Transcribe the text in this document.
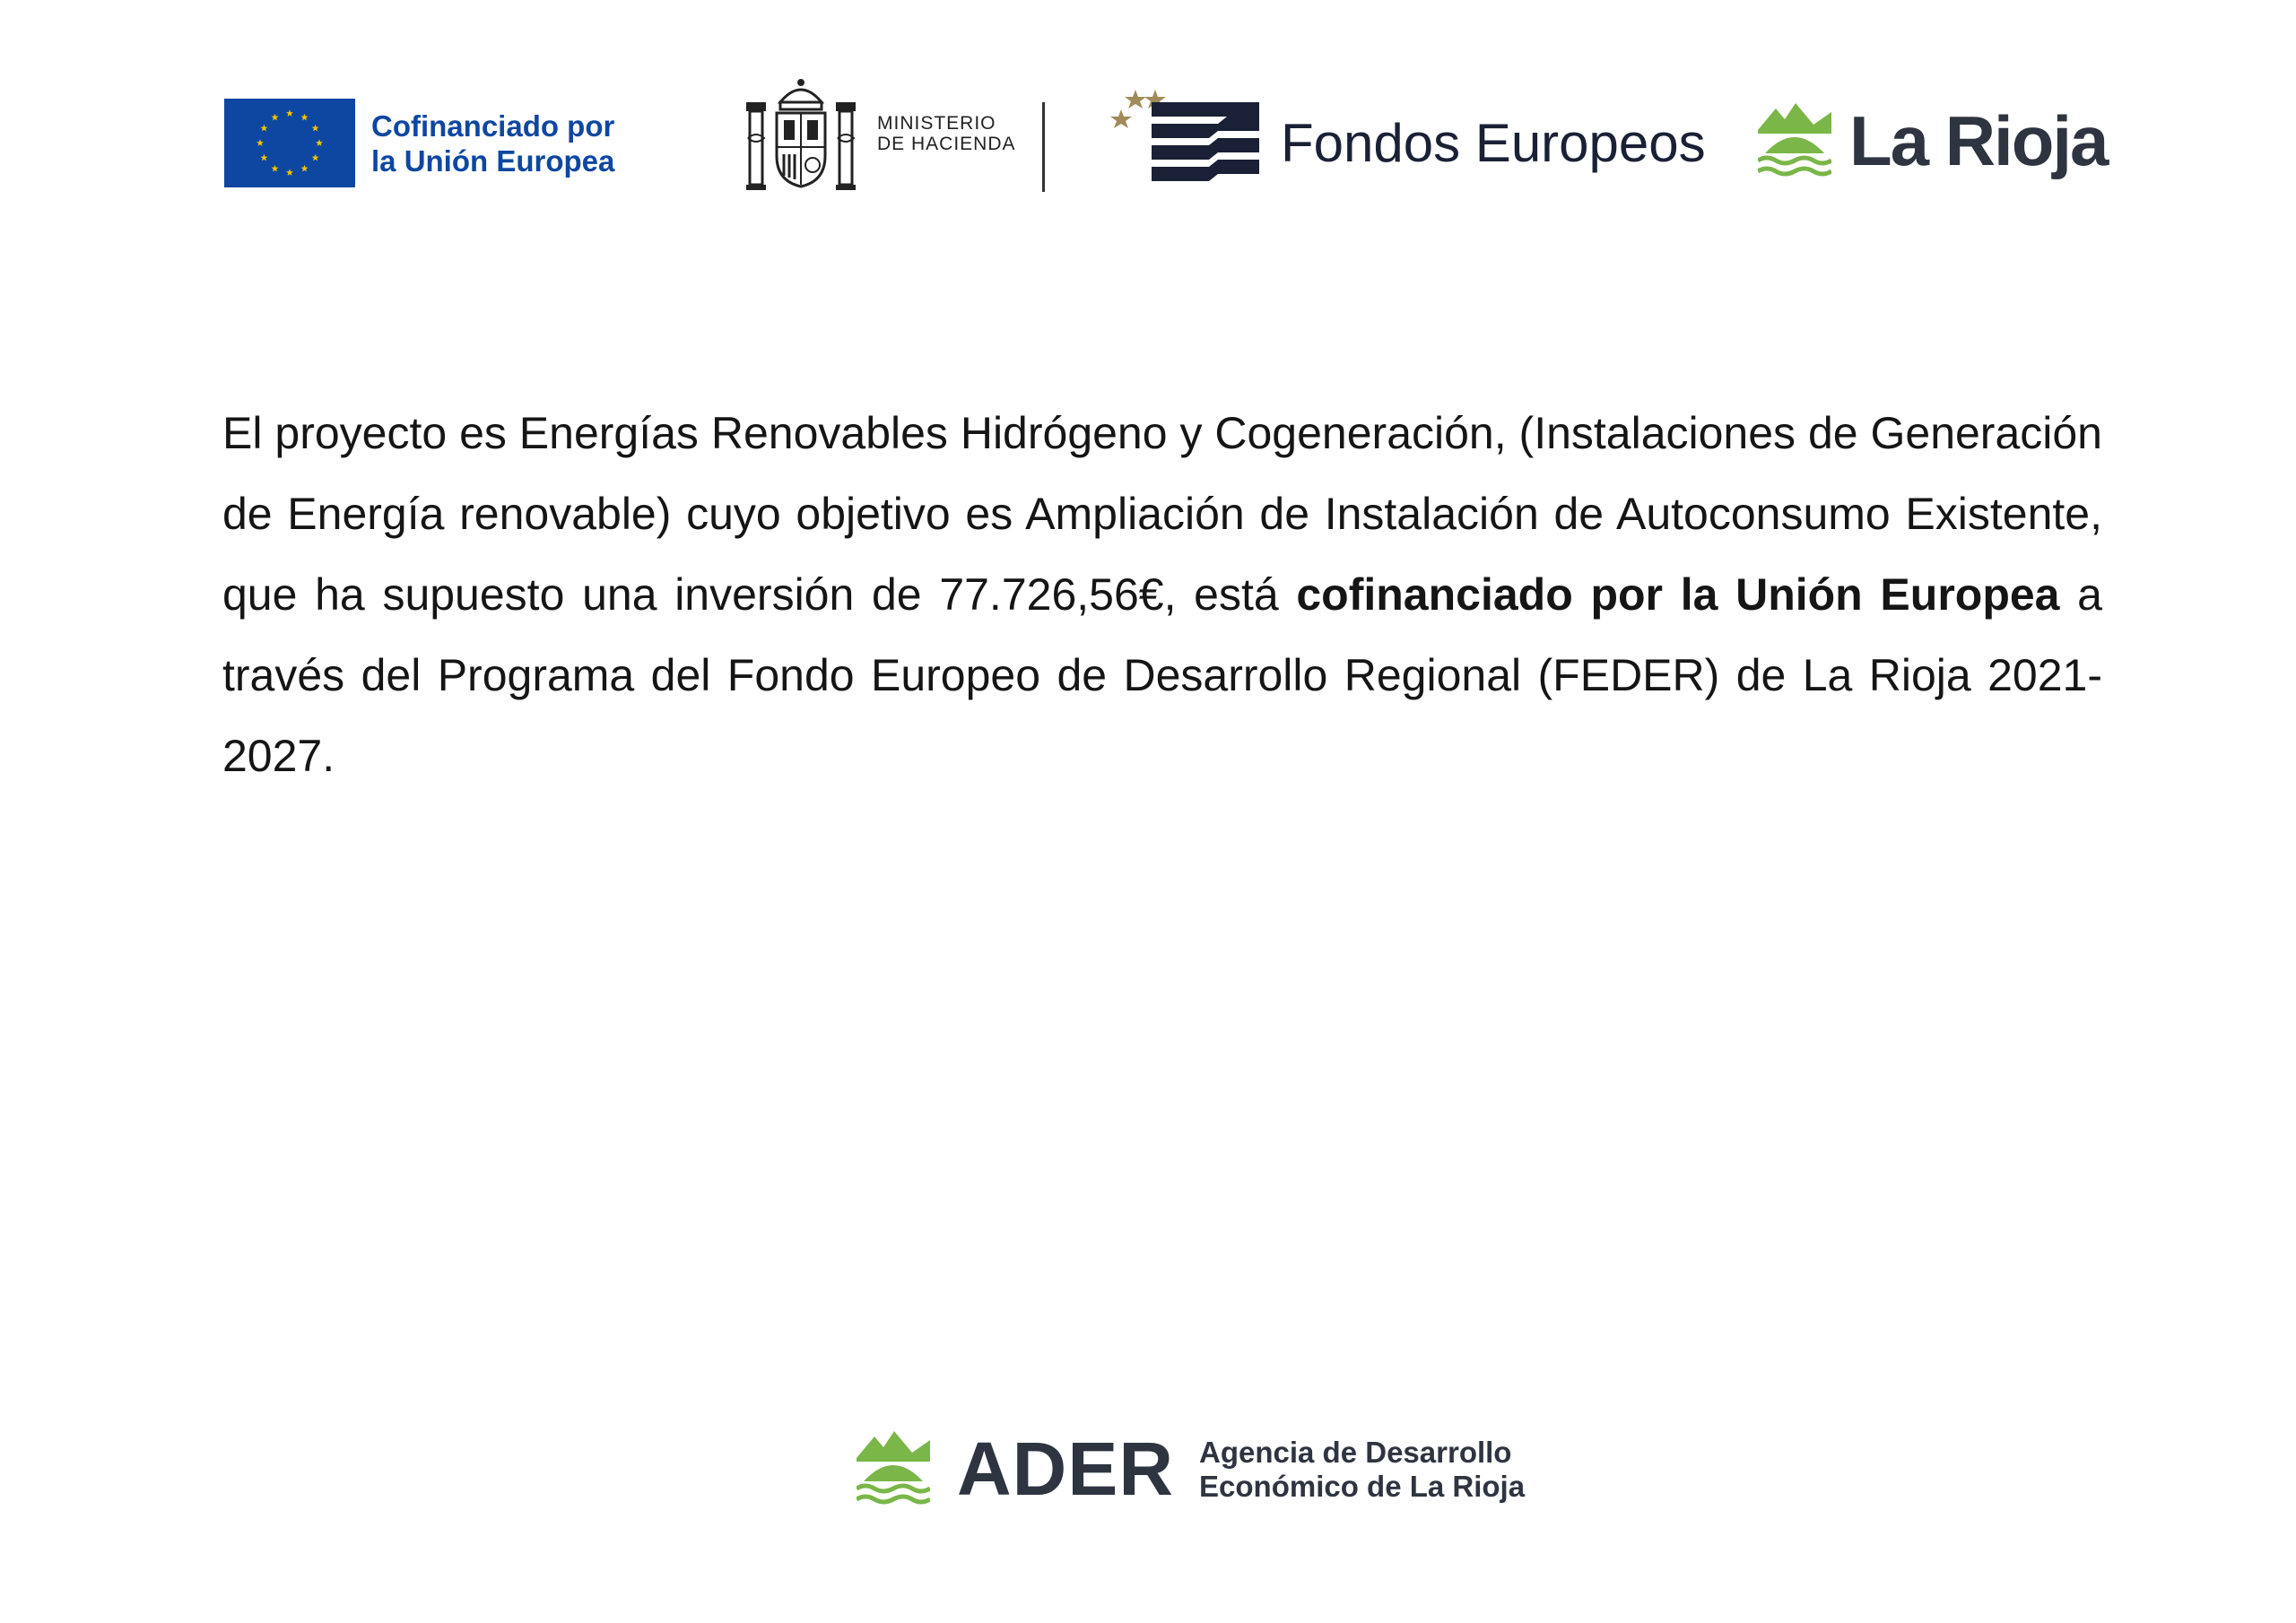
Cofinanciado por
la Unión Europea
MINISTERIO
DE HACIENDA	Fondos Europeos La Rioja

El proyecto es Energías Renovables Hidrógeno y Cogeneración, (Instalaciones de Generación de Energía renovable) cuyo objetivo es Ampliación de Instalación de Autoconsumo Existente, que ha supuesto una inversión de 77.726,56€, está cofinanciado por la Unión Europea a través del Programa del Fondo Europeo de Desarrollo Regional (FEDER) de La Rioja 2021-2027.

ADER Agencia de Desarrollo
Económico de La Rioja
